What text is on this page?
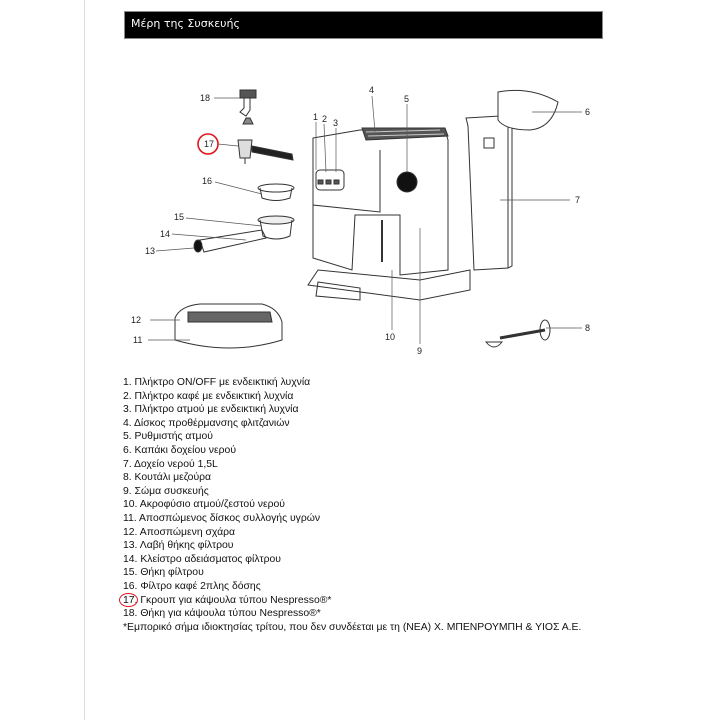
Μέρη της Συσκευής
18
17
16
15
14
13
1 2 3
4
5
6
7
8
9
10
12
11
1. Πλήκτρο ON/OFF με ενδεικτική λυχνία
2. Πλήκτρο καφέ με ενδεικτική λυχνία
3. Πλήκτρο ατμού με ενδεικτική λυχνία
4. Δίσκος προθέρμανσης φλιτζανιών
5. Ρυθμιστής ατμού
6. Καπάκι δοχείου νερού
7. Δοχείο νερού 1,5L
8. Κουτάλι μεζούρα
9. Σώμα συσκευής
10. Ακροφύσιο ατμού/ζεστού νερού
11. Αποσπώμενος δίσκος συλλογής υγρών
12. Αποσπώμενη σχάρα
13. Λαβή θήκης φίλτρου
14. Κλείστρο αδειάσματος φίλτρου
15. Θήκη φίλτρου
16. Φίλτρο καφέ 2πλης δόσης
17. Γκρουπ για κάψουλα τύπου Nespresso®*
18. Θήκη για κάψουλα τύπου Nespresso®*
*Εμπορικό σήμα ιδιοκτησίας τρίτου, που δεν συνδέεται με τη (ΝΕΑ) Χ. ΜΠΕΝΡΟΥΜΠΗ & ΥΙΟΣ Α.Ε.
